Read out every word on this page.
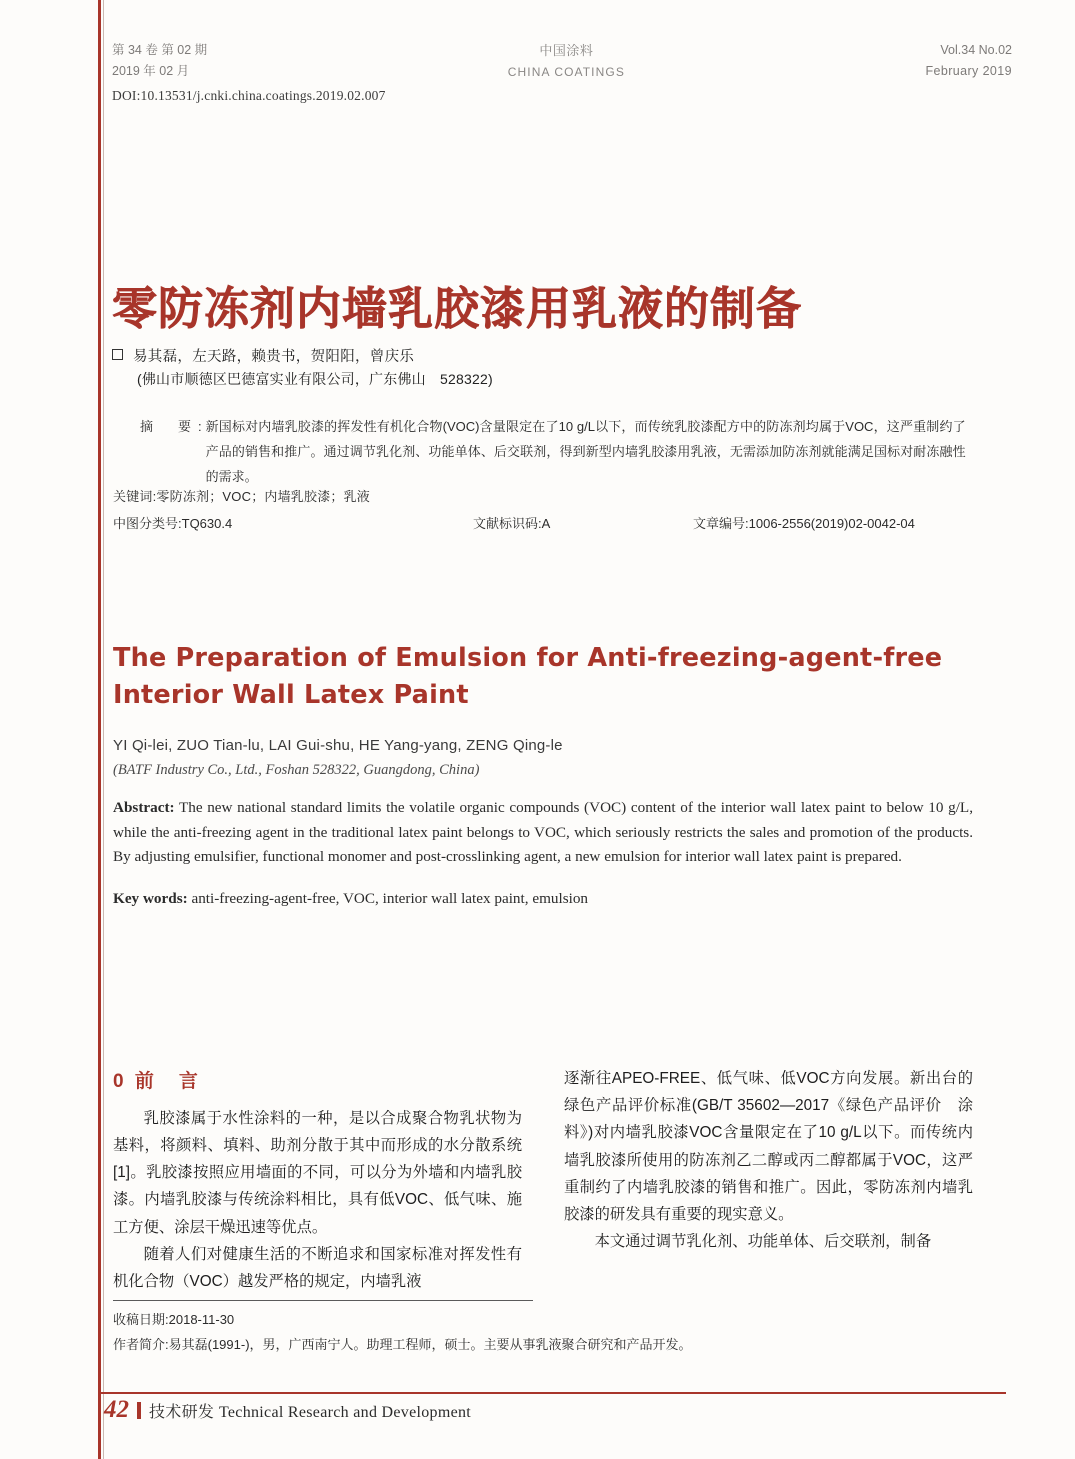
第 34 卷 第 02 期
2019 年 02 月
中国涂料
CHINA COATINGS
Vol.34 No.02
February 2019
DOI:10.13531/j.cnki.china.coatings.2019.02.007
零防冻剂内墙乳胶漆用乳液的制备
易其磊，左天路，赖贵书，贺阳阳，曾庆乐
(佛山市顺德区巴德富实业有限公司，广东佛山　528322)
摘　要: 新国标对内墙乳胶漆的挥发性有机化合物(VOC)含量限定在了10 g/L以下，而传统乳胶漆配方中的防冻剂均属于VOC，这严重制约了产品的销售和推广。通过调节乳化剂、功能单体、后交联剂，得到新型内墙乳胶漆用乳液，无需添加防冻剂就能满足国标对耐冻融性的需求。
关键词:零防冻剂；VOC；内墙乳胶漆；乳液
中图分类号:TQ630.4	文献标识码:A	文章编号:1006-2556(2019)02-0042-04
The Preparation of Emulsion for Anti-freezing-agent-free Interior Wall Latex Paint
YI Qi-lei, ZUO Tian-lu, LAI Gui-shu, HE Yang-yang, ZENG Qing-le
(BATF Industry Co., Ltd., Foshan 528322, Guangdong, China)
Abstract: The new national standard limits the volatile organic compounds (VOC) content of the interior wall latex paint to below 10 g/L, while the anti-freezing agent in the traditional latex paint belongs to VOC, which seriously restricts the sales and promotion of the products. By adjusting emulsifier, functional monomer and post-crosslinking agent, a new emulsion for interior wall latex paint is prepared.
Key words: anti-freezing-agent-free, VOC, interior wall latex paint, emulsion
0 前　言

乳胶漆属于水性涂料的一种，是以合成聚合物乳状物为基料，将颜料、填料、助剂分散于其中而形成的水分散系统[1]。乳胶漆按照应用墙面的不同，可以分为外墙和内墙乳胶漆。内墙乳胶漆与传统涂料相比，具有低VOC、低气味、施工方便、涂层干燥迅速等优点。

随着人们对健康生活的不断追求和国家标准对挥发性有机化合物（VOC）越发严格的规定，内墙乳液

逐渐往APEO-FREE、低气味、低VOC方向发展。新出台的绿色产品评价标准(GB/T 35602—2017《绿色产品评价　涂料》)对内墙乳胶漆VOC含量限定在了10 g/L以下。而传统内墙乳胶漆所使用的防冻剂乙二醇或丙二醇都属于VOC，这严重制约了内墙乳胶漆的销售和推广。因此，零防冻剂内墙乳胶漆的研发具有重要的现实意义。

本文通过调节乳化剂、功能单体、后交联剂，制备

收稿日期:2018-11-30
作者简介:易其磊(1991-)，男，广西南宁人。助理工程师，硕士。主要从事乳液聚合研究和产品开发。
42 技术研发 Technical Research and Development
